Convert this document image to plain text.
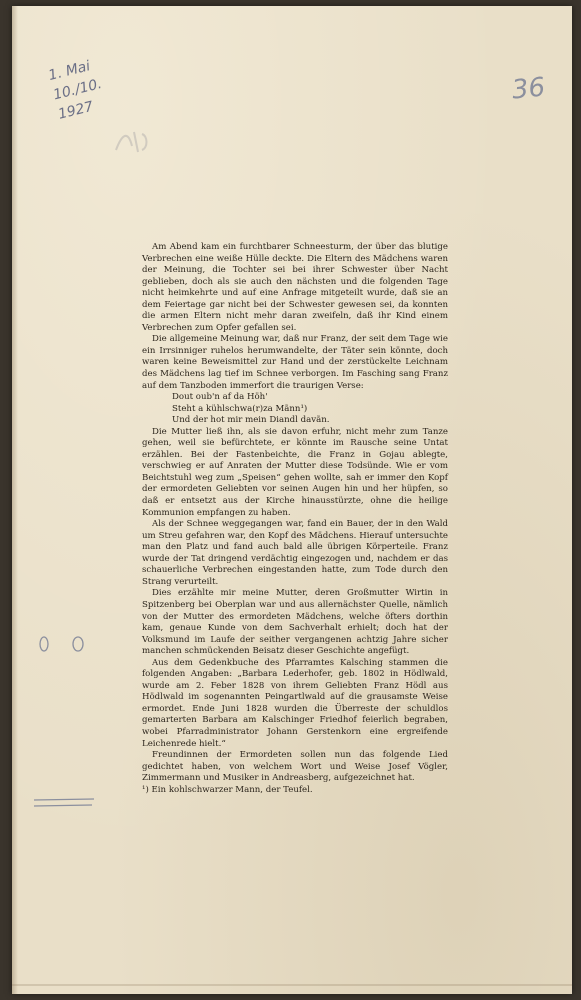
1. Mai
10./10. 1927
36

Am Abend kam ein furchtbarer Schneesturm, der über das blutige Verbrechen eine weiße Hülle deckte. Die Eltern des Mädchens waren der Meinung, die Tochter sei bei ihrer Schwester über Nacht geblieben, doch als sie auch den nächsten und die folgenden Tage nicht heimkehrte und auf eine Anfrage mitgeteilt wurde, daß sie an dem Feiertage gar nicht bei der Schwester gewesen sei, da konnten die armen Eltern nicht mehr daran zweifeln, daß ihr Kind einem Verbrechen zum Opfer gefallen sei.

Die allgemeine Meinung war, daß nur Franz, der seit dem Tage wie ein Irrsinniger ruhelos herumwandelte, der Täter sein könnte, doch waren keine Beweismittel zur Hand und der zerstückelte Leichnam des Mädchens lag tief im Schnee verborgen. Im Fasching sang Franz auf dem Tanzboden immerfort die traurigen Verse:

Dout oub'n af da Höh'
Steht a kühlschwa(r)za Mãnn¹)
Und der hot mir mein Diandl davãn.

Die Mutter ließ ihn, als sie davon erfuhr, nicht mehr zum Tanze gehen, weil sie befürchtete, er könnte im Rausche seine Untat erzählen. Bei der Fastenbeichte, die Franz in Gojau ablegte, verschwieg er auf Anraten der Mutter diese Todsünde. Wie er vom Beichtstuhl weg zum „Speisen“ gehen wollte, sah er immer den Kopf der ermordeten Geliebten vor seinen Augen hin und her hüpfen, so daß er entsetzt aus der Kirche hinausstürzte, ohne die heilige Kommunion empfangen zu haben.

Als der Schnee weggegangen war, fand ein Bauer, der in den Wald um Streu gefahren war, den Kopf des Mädchens. Hierauf untersuchte man den Platz und fand auch bald alle übrigen Körperteile. Franz wurde der Tat dringend verdächtig eingezogen und, nachdem er das schauerliche Verbrechen eingestanden hatte, zum Tode durch den Strang verurteilt.

Dies erzählte mir meine Mutter, deren Großmutter Wirtin in Spitzenberg bei Oberplan war und aus allernächster Quelle, nämlich von der Mutter des ermordeten Mädchens, welche öfters dorthin kam, genaue Kunde von dem Sachverhalt erhielt; doch hat der Volksmund im Laufe der seither vergangenen achtzig Jahre sicher manchen schmückenden Beisatz dieser Geschichte angefügt.

Aus dem Gedenkbuche des Pfarramtes Kalsching stammen die folgenden Angaben: „Barbara Lederhofer, geb. 1802 in Hödlwald, wurde am 2. Feber 1828 von ihrem Geliebten Franz Hödl aus Hödlwald im sogenannten Peingartlwald auf die grausamste Weise ermordet. Ende Juni 1828 wurden die Überreste der schuldlos gemarterten Barbara am Kalschinger Friedhof feierlich begraben, wobei Pfarradministrator Johann Gerstenkorn eine ergreifende Leichenrede hielt.“

Freundinnen der Ermordeten sollen nun das folgende Lied gedichtet haben, von welchem Wort und Weise Josef Vögler, Zimmermann und Musiker in Andreasberg, aufgezeichnet hat.

¹) Ein kohlschwarzer Mann, der Teufel.
